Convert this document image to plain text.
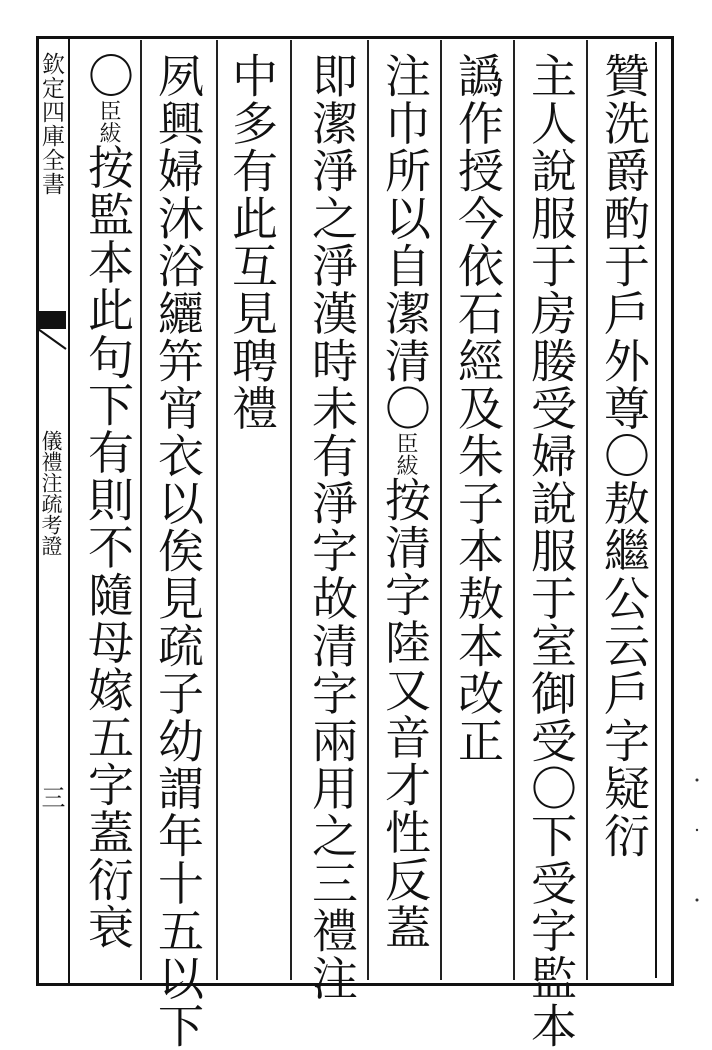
欽定四庫全書
儀禮注疏考證
三	贊洗爵酌于戶外尊〇敖繼公云戶字疑衍
主人說服于房媵受婦說服于室御受〇下受字監本
譌作授今依石經及朱子本敖本改正
注巾所以自潔清〇臣紱按清字陸又音才性反蓋
即潔淨之淨漢時未有淨字故清字兩用之三禮注
中多有此互見聘禮
夙興婦沐浴纚笄宵衣以俟見疏子幼謂年十五以下
〇臣紱按監本此句下有則不隨母嫁五字蓋衍衰
